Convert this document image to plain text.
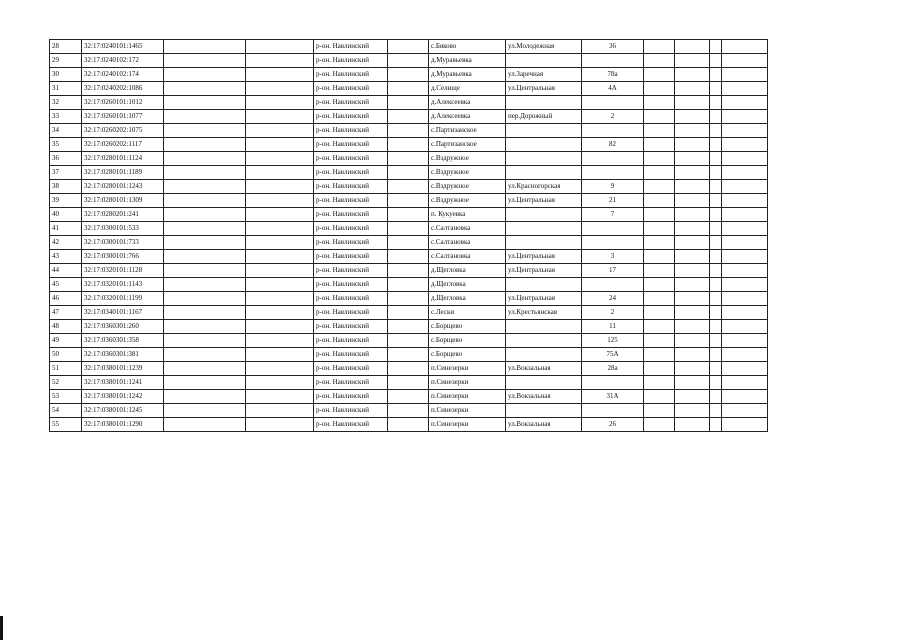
28	32:17:0240101:1465			р-он. Навлинский		с.Бяково	ул.Молодежная	36				
29	32:17:0240102:172			р-он. Навлинский		д.Муравьевка						
30	32:17:0240102:174			р-он. Навлинский		д.Муравьевка	ул.Заречная	78а				
31	32:17:0240202:1086			р-он. Навлинский		д.Селище	ул.Центральная	4А				
32	32:17:0260101:1012			р-он. Навлинский		д.Алексеевка						
33	32:17:0260101:1077			р-он. Навлинский		д.Алексеевка	пер.Дорожный	2				
34	32:17:0260202:1075			р-он. Навлинский		с.Партизанское						
35	32:17:0260202:1117			р-он. Навлинский		с.Партизанское		82				
36	32:17:0280101:1124			р-он. Навлинский		с.Вздружное						
37	32:17:0280101:1189			р-он. Навлинский		с.Вздружное						
38	32:17:0280101:1243			р-он. Навлинский		с.Вздружное	ул.Красногорская	9				
39	32:17:0280101:1309			р-он. Навлинский		с.Вздружное	ул.Центральная	21				
40	32:17:0280201:241			р-он. Навлинский		п. Кукуевка		7				
41	32:17:0300101:533			р-он. Навлинский		с.Салтановка						
42	32:17:0300101:733			р-он. Навлинский		с.Салтановка						
43	32:17:0300101:766			р-он. Навлинский		с.Салтановка	ул.Центральная	3				
44	32:17:0320101:1128			р-он. Навлинский		д.Щегловка	ул.Центральная	17				
45	32:17:0320101:1143			р-он. Навлинский		д.Щегловка						
46	32:17:0320101:1199			р-он. Навлинский		д.Щегловка	ул.Центральная	24				
47	32:17:0340101:1167			р-он. Навлинский		с.Лески	ул.Крестьянская	2				
48	32:17:0360301:260			р-он. Навлинский		с.Борщево		11				
49	32:17:0360301:358			р-он. Навлинский		с.Борщево		125				
50	32:17:0360301:381			р-он. Навлинский		с.Борщево		75А				
51	32:17:0380101:1239			р-он. Навлинский		п.Синезерки	ул.Вокзальная	28а				
52	32:17:0380101:1241			р-он. Навлинский		п.Синезерки						
53	32:17:0380101:1242			р-он. Навлинский		п.Синезерки	ул.Вокзальная	31А				
54	32:17:0380101:1245			р-он. Навлинский		п.Синезерки						
55	32:17:0380101:1290			р-он. Навлинский		п.Синезерки	ул.Вокзальная	26				
